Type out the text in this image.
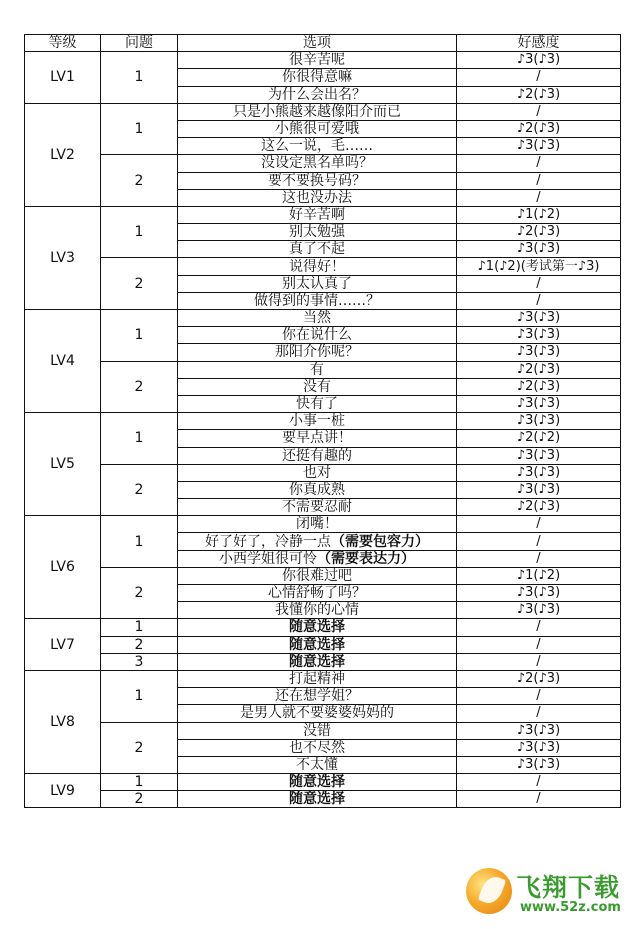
等级	问题	选项	好感度
LV1	1	很辛苦呢	♪3(♪3)
		你很得意嘛	/
		为什么会出名？	♪2(♪3)
LV2	1	只是小熊越来越像阳介而已	/
		小熊很可爱哦	♪2(♪3)
		这么一说，毛……	♪3(♪3)
	2	没设定黑名单吗？	/
		要不要换号码？	/
		这也没办法	/
LV3	1	好辛苦啊	♪1(♪2)
		别太勉强	♪2(♪3)
		真了不起	♪3(♪3)
	2	说得好！	♪1(♪2)(考试第一♪3)
		别太认真了	/
		做得到的事情……？	/
LV4	1	当然	♪3(♪3)
		你在说什么	♪3(♪3)
		那阳介你呢？	♪3(♪3)
	2	有	♪2(♪3)
		没有	♪2(♪3)
		快有了	♪3(♪3)
LV5	1	小事一桩	♪3(♪3)
		要早点讲！	♪2(♪2)
		还挺有趣的	♪3(♪3)
	2	也对	♪3(♪3)
		你真成熟	♪3(♪3)
		不需要忍耐	♪2(♪3)
LV6	1	闭嘴！	/
		好了好了，冷静一点（需要包容力）	/
		小西学姐很可怜（需要表达力）	/
	2	你很难过吧	♪1(♪2)
		心情舒畅了吗？	♪3(♪3)
		我懂你的心情	♪3(♪3)
LV7	1	随意选择	/
	2	随意选择	/
	3	随意选择	/
LV8	1	打起精神	♪2(♪3)
		还在想学姐？	/
		是男人就不要婆婆妈妈的	/
	2	没错	♪3(♪3)
		也不尽然	♪3(♪3)
		不太懂	♪3(♪3)
LV9	1	随意选择	/
	2	随意选择	/
飞翔下载
www.52z.com
